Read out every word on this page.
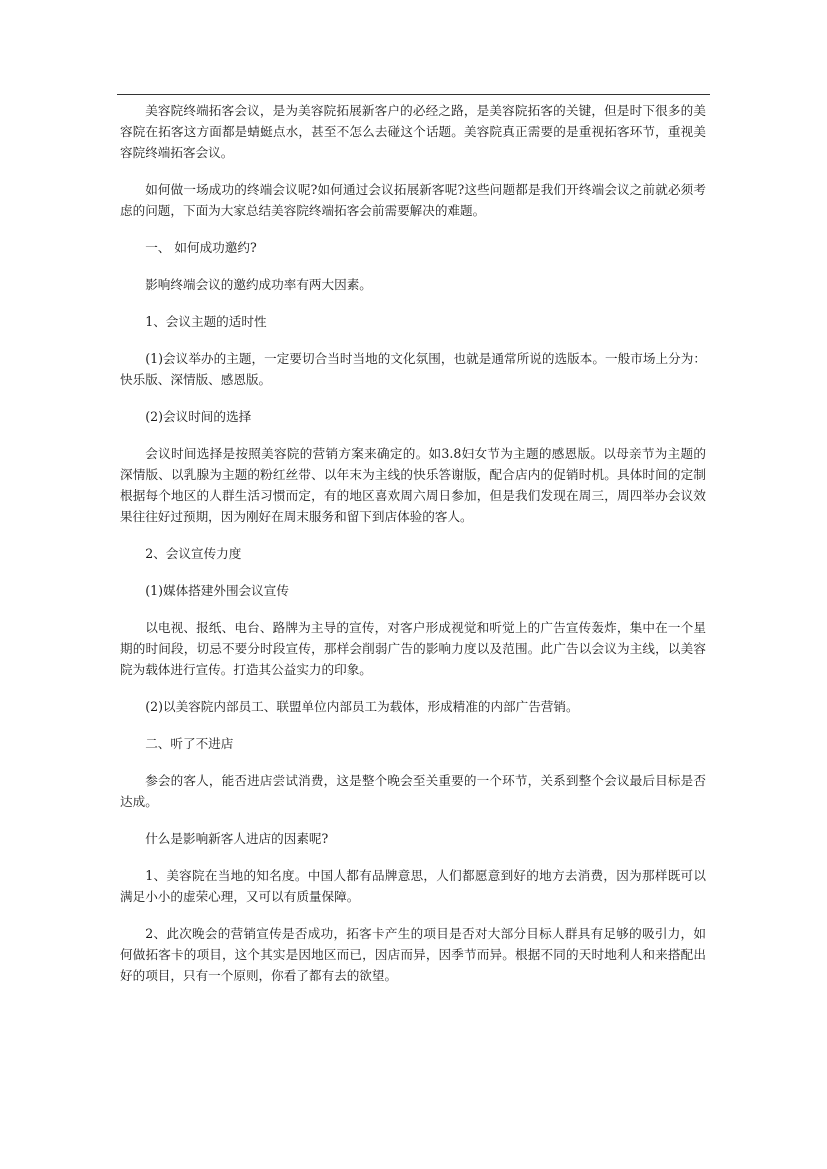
美容院终端拓客会议，是为美容院拓展新客户的必经之路，是美容院拓客的关键，但是时下很多的美容院在拓客这方面都是蜻蜓点水，甚至不怎么去碰这个话题。美容院真正需要的是重视拓客环节，重视美容院终端拓客会议。

如何做一场成功的终端会议呢?如何通过会议拓展新客呢?这些问题都是我们开终端会议之前就必须考虑的问题，下面为大家总结美容院终端拓客会前需要解决的难题。

一、 如何成功邀约?

影响终端会议的邀约成功率有两大因素。

1、会议主题的适时性

(1)会议举办的主题，一定要切合当时当地的文化氛围，也就是通常所说的选版本。一般市场上分为：快乐版、深情版、感恩版。

(2)会议时间的选择

会议时间选择是按照美容院的营销方案来确定的。如3.8妇女节为主题的感恩版。以母亲节为主题的深情版、以乳腺为主题的粉红丝带、以年末为主线的快乐答谢版，配合店内的促销时机。具体时间的定制根据每个地区的人群生活习惯而定，有的地区喜欢周六周日参加，但是我们发现在周三，周四举办会议效果往往好过预期，因为刚好在周末服务和留下到店体验的客人。

2、会议宣传力度

(1)媒体搭建外围会议宣传

以电视、报纸、电台、路牌为主导的宣传，对客户形成视觉和听觉上的广告宣传轰炸，集中在一个星期的时间段，切忌不要分时段宣传，那样会削弱广告的影响力度以及范围。此广告以会议为主线，以美容院为载体进行宣传。打造其公益实力的印象。

(2)以美容院内部员工、联盟单位内部员工为载体，形成精准的内部广告营销。

二、听了不进店

参会的客人，能否进店尝试消费，这是整个晚会至关重要的一个环节，关系到整个会议最后目标是否达成。

什么是影响新客人进店的因素呢?

1、美容院在当地的知名度。中国人都有品牌意思，人们都愿意到好的地方去消费，因为那样既可以满足小小的虚荣心理，又可以有质量保障。

2、此次晚会的营销宣传是否成功，拓客卡产生的项目是否对大部分目标人群具有足够的吸引力，如何做拓客卡的项目，这个其实是因地区而已，因店而异，因季节而异。根据不同的天时地利人和来搭配出好的项目，只有一个原则，你看了都有去的欲望。
